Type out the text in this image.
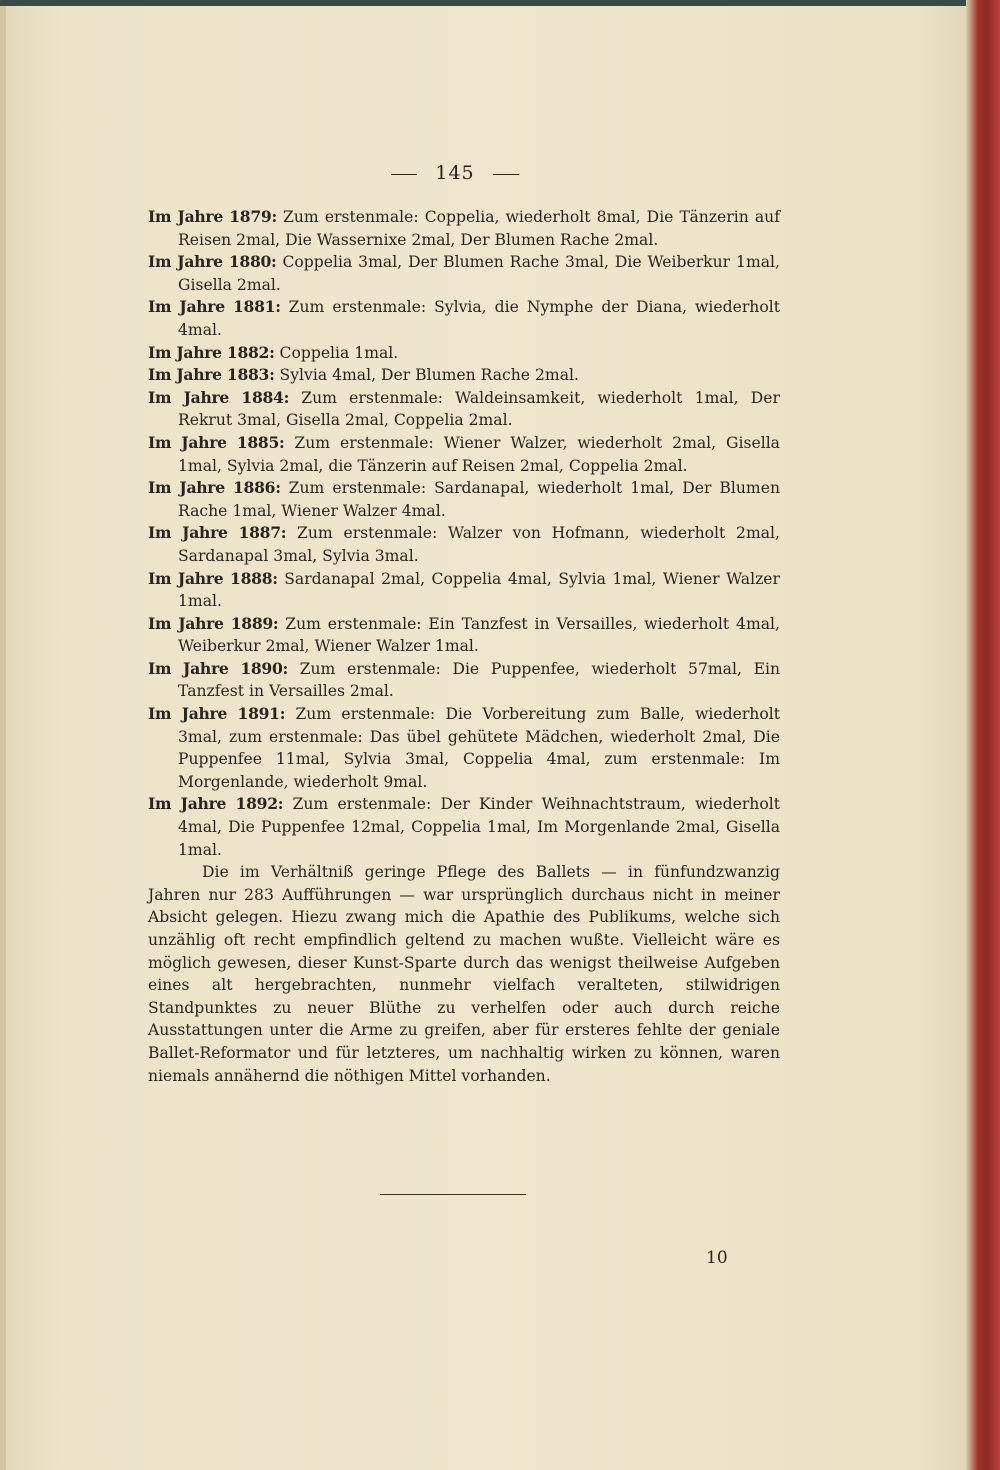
145

Im Jahre 1879: Zum erstenmale: Coppelia, wiederholt 8mal, Die Tänzerin auf Reisen 2mal, Die Wassernixe 2mal, Der Blumen Rache 2mal.

Im Jahre 1880: Coppelia 3mal, Der Blumen Rache 3mal, Die Weiberkur 1mal, Gisella 2mal.

Im Jahre 1881: Zum erstenmale: Sylvia, die Nymphe der Diana, wiederholt 4mal.

Im Jahre 1882: Coppelia 1mal.

Im Jahre 1883: Sylvia 4mal, Der Blumen Rache 2mal.

Im Jahre 1884: Zum erstenmale: Waldeinsamkeit, wiederholt 1mal, Der Rekrut 3mal, Gisella 2mal, Coppelia 2mal.

Im Jahre 1885: Zum erstenmale: Wiener Walzer, wiederholt 2mal, Gisella 1mal, Sylvia 2mal, die Tänzerin auf Reisen 2mal, Coppelia 2mal.

Im Jahre 1886: Zum erstenmale: Sardanapal, wiederholt 1mal, Der Blumen Rache 1mal, Wiener Walzer 4mal.

Im Jahre 1887: Zum erstenmale: Walzer von Hofmann, wiederholt 2mal, Sardanapal 3mal, Sylvia 3mal.

Im Jahre 1888: Sardanapal 2mal, Coppelia 4mal, Sylvia 1mal, Wiener Walzer 1mal.

Im Jahre 1889: Zum erstenmale: Ein Tanzfest in Versailles, wiederholt 4mal, Weiberkur 2mal, Wiener Walzer 1mal.

Im Jahre 1890: Zum erstenmale: Die Puppenfee, wiederholt 57mal, Ein Tanzfest in Versailles 2mal.

Im Jahre 1891: Zum erstenmale: Die Vorbereitung zum Balle, wiederholt 3mal, zum erstenmale: Das übel gehütete Mädchen, wiederholt 2mal, Die Puppenfee 11mal, Sylvia 3mal, Coppelia 4mal, zum erstenmale: Im Morgenlande, wiederholt 9mal.

Im Jahre 1892: Zum erstenmale: Der Kinder Weihnachtstraum, wiederholt 4mal, Die Puppenfee 12mal, Coppelia 1mal, Im Morgenlande 2mal, Gisella 1mal.

Die im Verhältniß geringe Pflege des Ballets — in fünfundzwanzig Jahren nur 283 Aufführungen — war ursprünglich durchaus nicht in meiner Absicht gelegen. Hiezu zwang mich die Apathie des Publikums, welche sich unzählig oft recht empfindlich geltend zu machen wußte. Vielleicht wäre es möglich gewesen, dieser Kunst-Sparte durch das wenigst theilweise Aufgeben eines alt hergebrachten, nunmehr vielfach veralteten, stilwidrigen Standpunktes zu neuer Blüthe zu verhelfen oder auch durch reiche Ausstattungen unter die Arme zu greifen, aber für ersteres fehlte der geniale Ballet-Reformator und für letzteres, um nachhaltig wirken zu können, waren niemals annähernd die nöthigen Mittel vorhanden.

10
